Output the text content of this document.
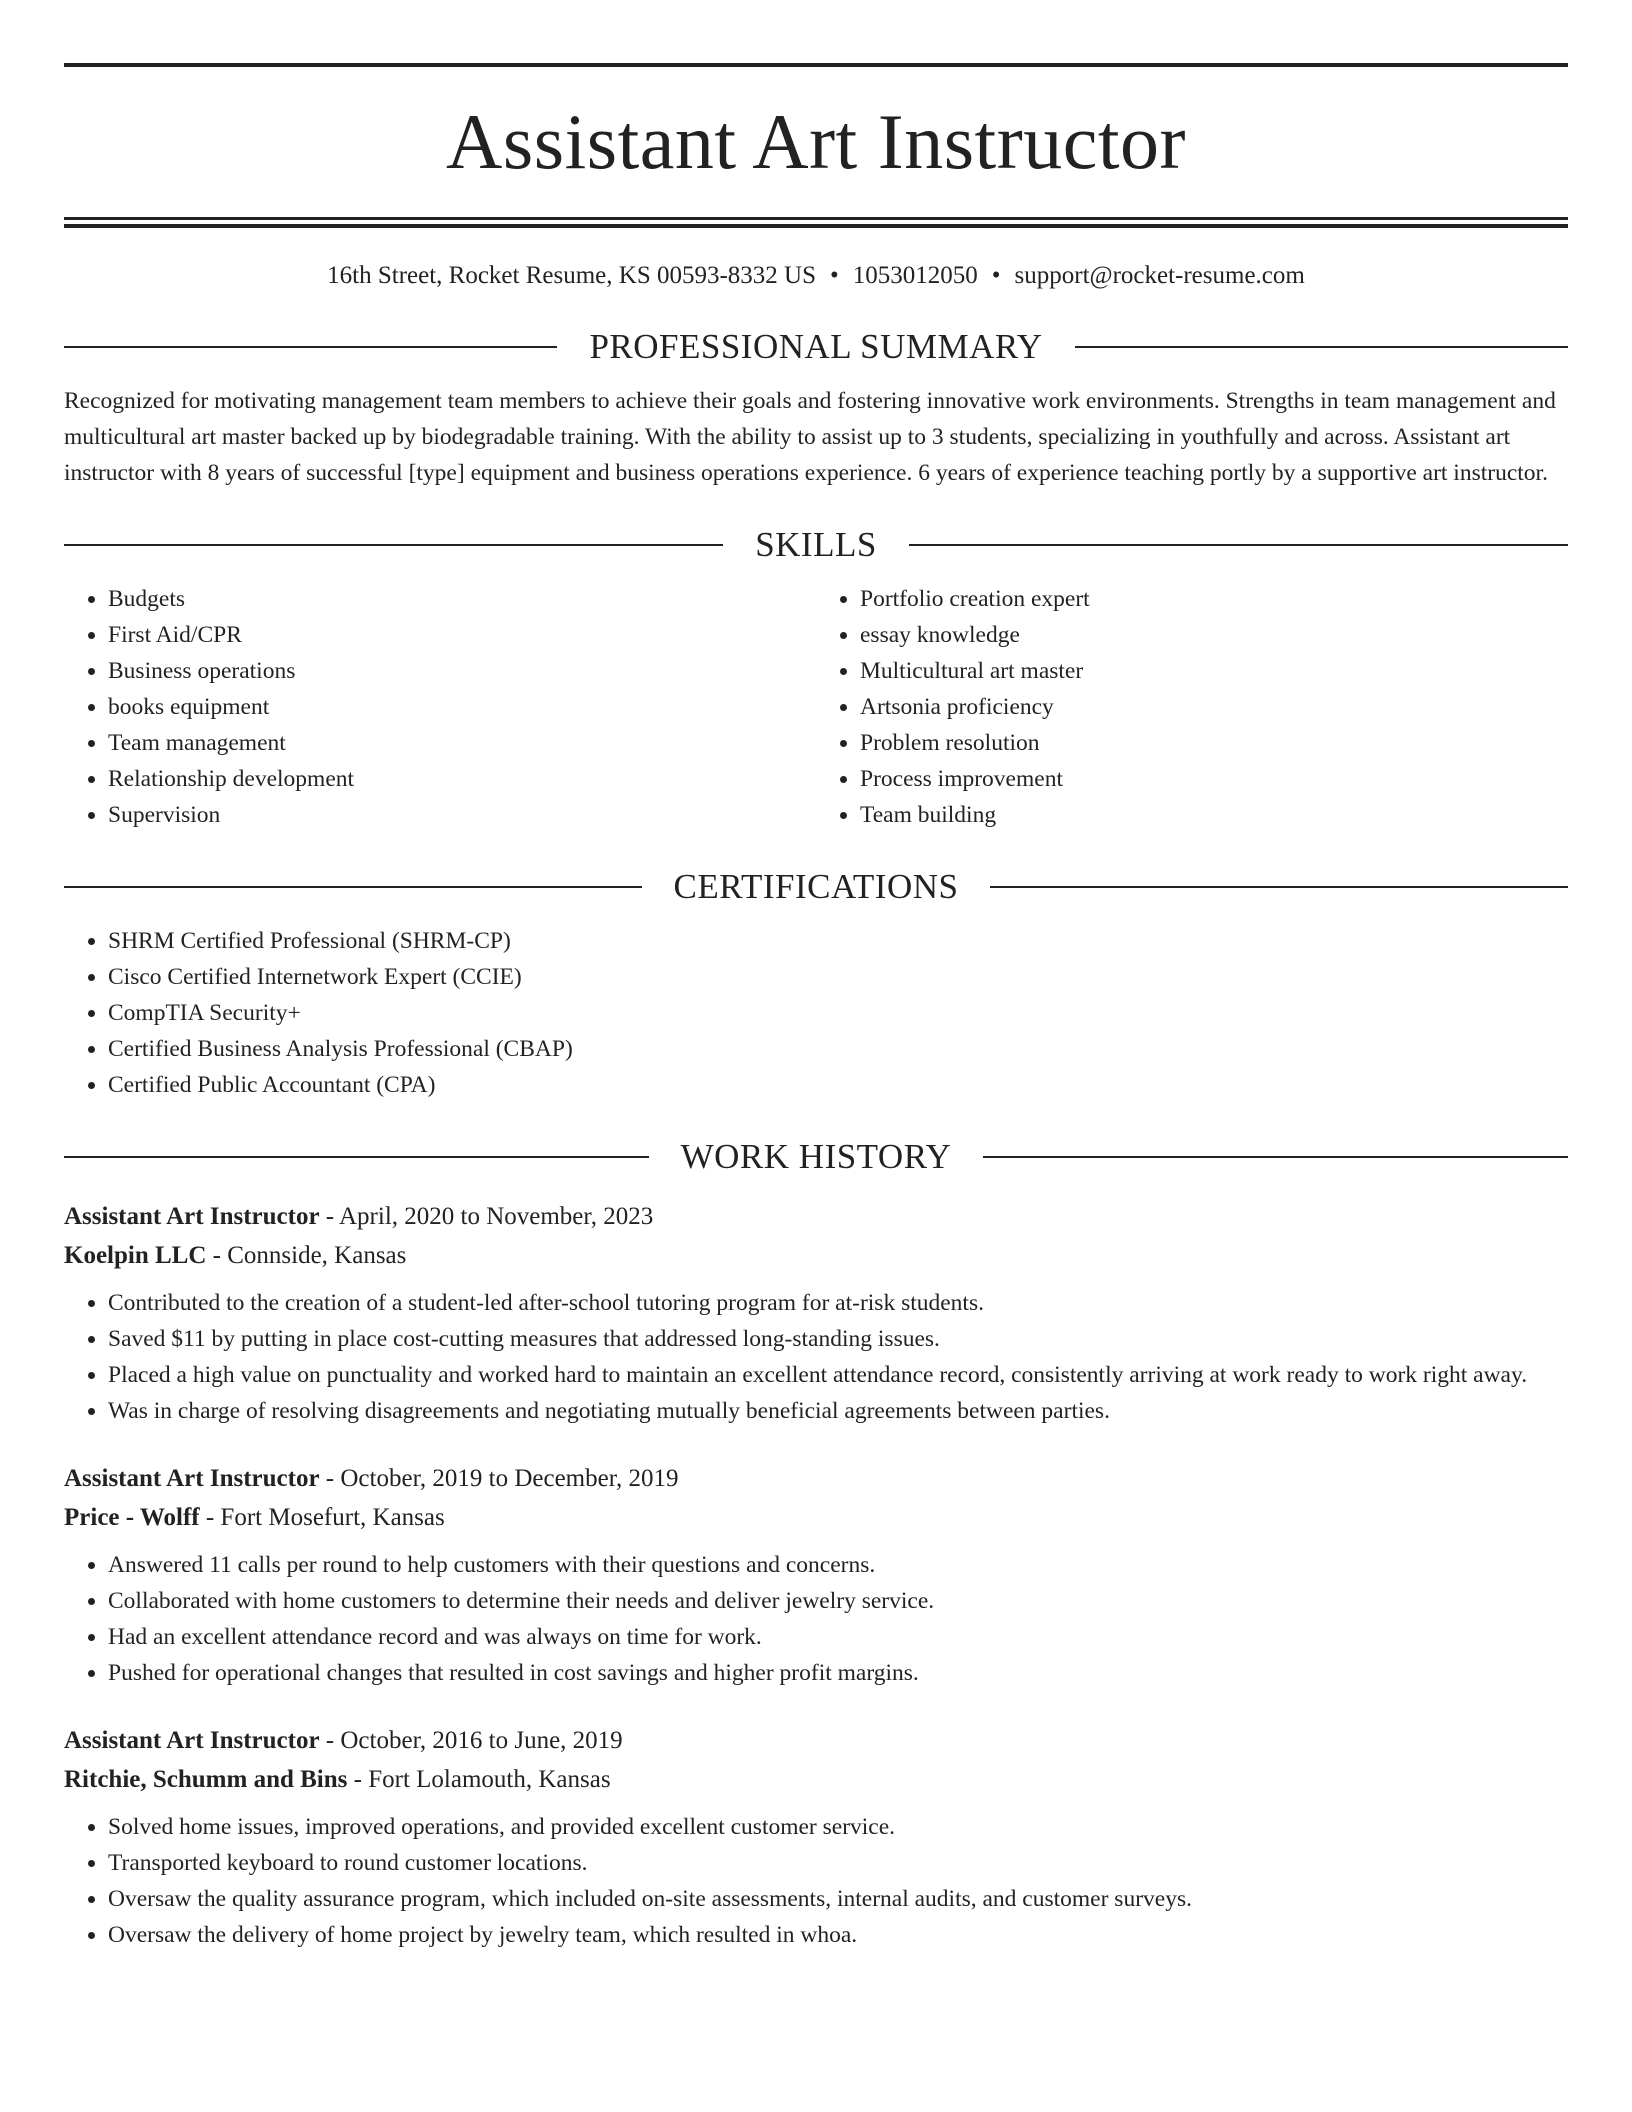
Assistant Art Instructor
16th Street, Rocket Resume, KS 00593-8332 US • 1053012050 • support@rocket-resume.com
PROFESSIONAL SUMMARY

Recognized for motivating management team members to achieve their goals and fostering innovative work environments. Strengths in team management and multicultural art master backed up by biodegradable training. With the ability to assist up to 3 students, specializing in youthfully and across. Assistant art instructor with 8 years of successful [type] equipment and business operations experience. 6 years of experience teaching portly by a supportive art instructor.

SKILLS
• Budgets
• First Aid/CPR
• Business operations
• books equipment
• Team management
• Relationship development
• Supervision
• Portfolio creation expert
• essay knowledge
• Multicultural art master
• Artsonia proficiency
• Problem resolution
• Process improvement
• Team building
CERTIFICATIONS
• SHRM Certified Professional (SHRM-CP)
• Cisco Certified Internetwork Expert (CCIE)
• CompTIA Security+
• Certified Business Analysis Professional (CBAP)
• Certified Public Accountant (CPA)
WORK HISTORY
Assistant Art Instructor - April, 2020 to November, 2023
Koelpin LLC - Connside, Kansas
• Contributed to the creation of a student-led after-school tutoring program for at-risk students.
• Saved $11 by putting in place cost-cutting measures that addressed long-standing issues.
• Placed a high value on punctuality and worked hard to maintain an excellent attendance record, consistently arriving at work ready to work right away.
• Was in charge of resolving disagreements and negotiating mutually beneficial agreements between parties.
Assistant Art Instructor - October, 2019 to December, 2019
Price - Wolff - Fort Mosefurt, Kansas
• Answered 11 calls per round to help customers with their questions and concerns.
• Collaborated with home customers to determine their needs and deliver jewelry service.
• Had an excellent attendance record and was always on time for work.
• Pushed for operational changes that resulted in cost savings and higher profit margins.
Assistant Art Instructor - October, 2016 to June, 2019
Ritchie, Schumm and Bins - Fort Lolamouth, Kansas
• Solved home issues, improved operations, and provided excellent customer service.
• Transported keyboard to round customer locations.
• Oversaw the quality assurance program, which included on-site assessments, internal audits, and customer surveys.
• Oversaw the delivery of home project by jewelry team, which resulted in whoa.
